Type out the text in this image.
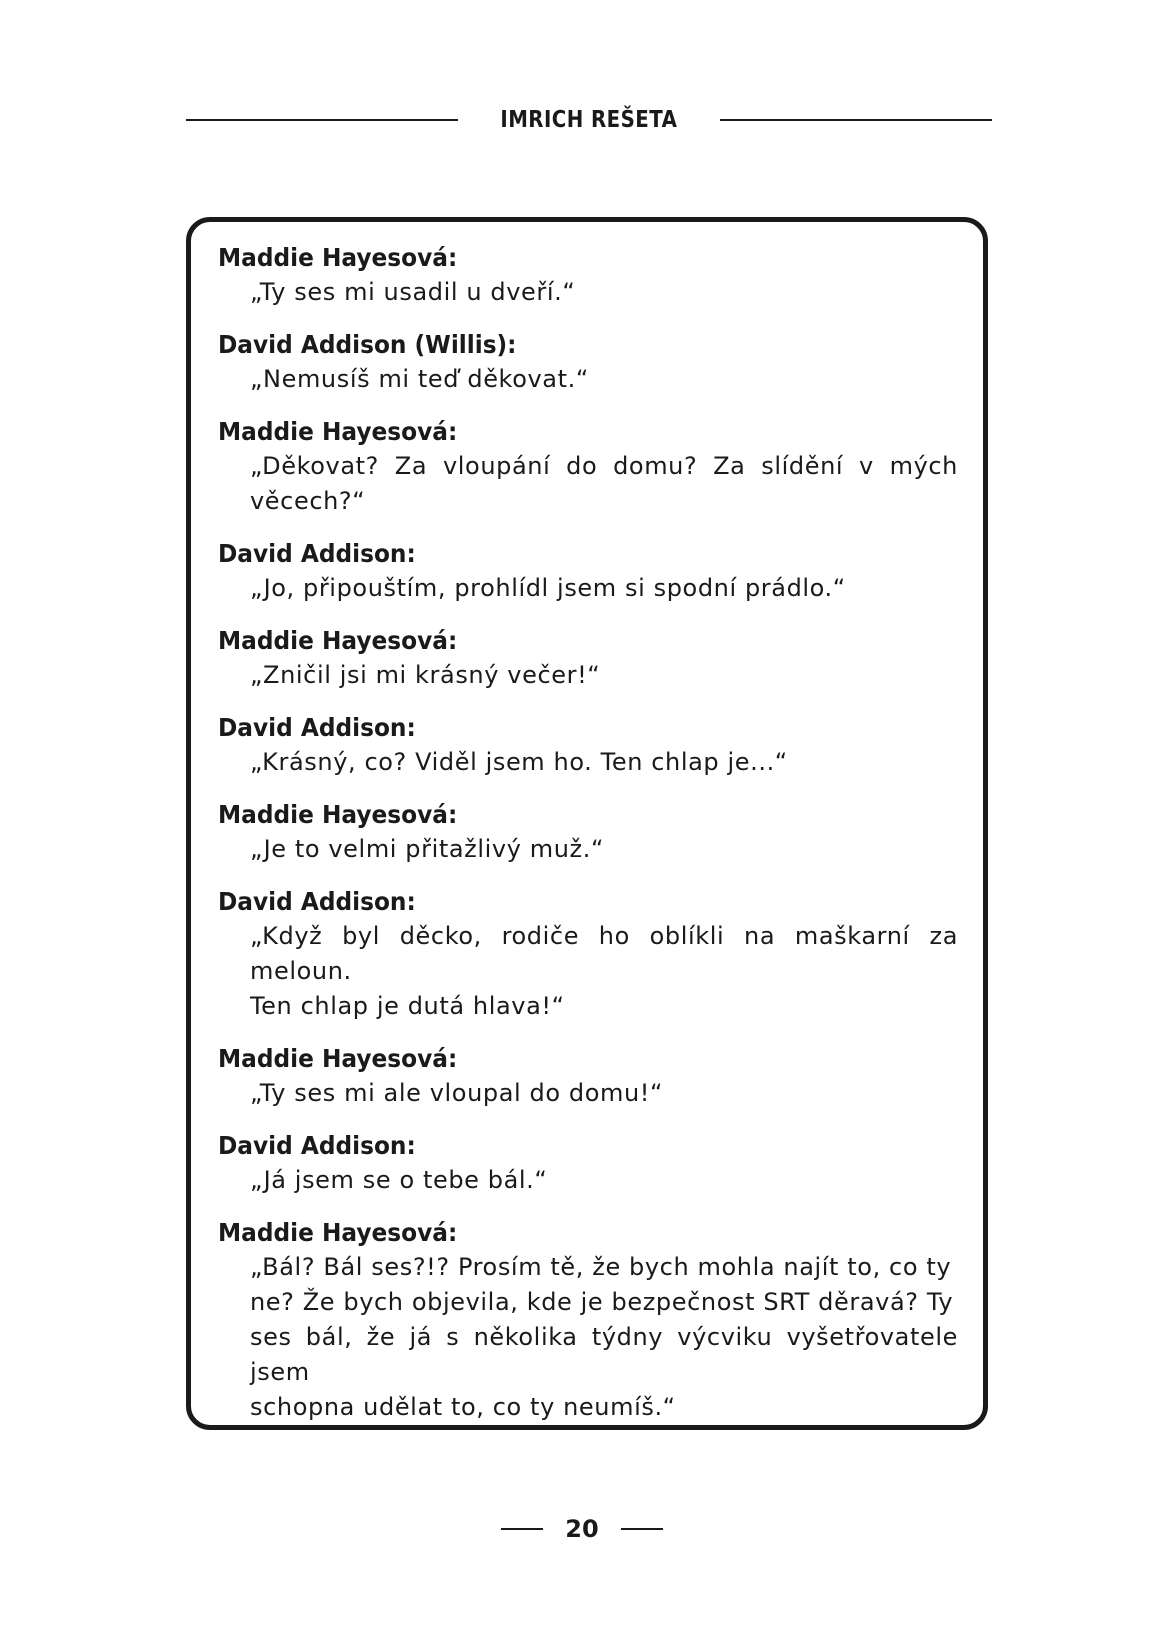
IMRICH REŠETA
Maddie Hayesová:
„Ty ses mi usadil u dveří.“
David Addison (Willis):
„Nemusíš mi teď děkovat.“
Maddie Hayesová:
„Děkovat? Za vloupání do domu? Za slídění v mých věcech?“
David Addison:
„Jo, připouštím, prohlídl jsem si spodní prádlo.“
Maddie Hayesová:
„Zničil jsi mi krásný večer!“
David Addison:
„Krásný, co? Viděl jsem ho. Ten chlap je...“
Maddie Hayesová:
„Je to velmi přitažlivý muž.“
David Addison:
„Když byl děcko, rodiče ho oblíkli na maškarní za meloun.
Ten chlap je dutá hlava!“
Maddie Hayesová:
„Ty ses mi ale vloupal do domu!“
David Addison:
„Já jsem se o tebe bál.“
Maddie Hayesová:
„Bál? Bál ses?!? Prosím tě, že bych mohla najít to, co ty
ne? Že bych objevila, kde je bezpečnost SRT děravá? Ty
ses bál, že já s několika týdny výcviku vyšetřovatele jsem
schopna udělat to, co ty neumíš.“
20
